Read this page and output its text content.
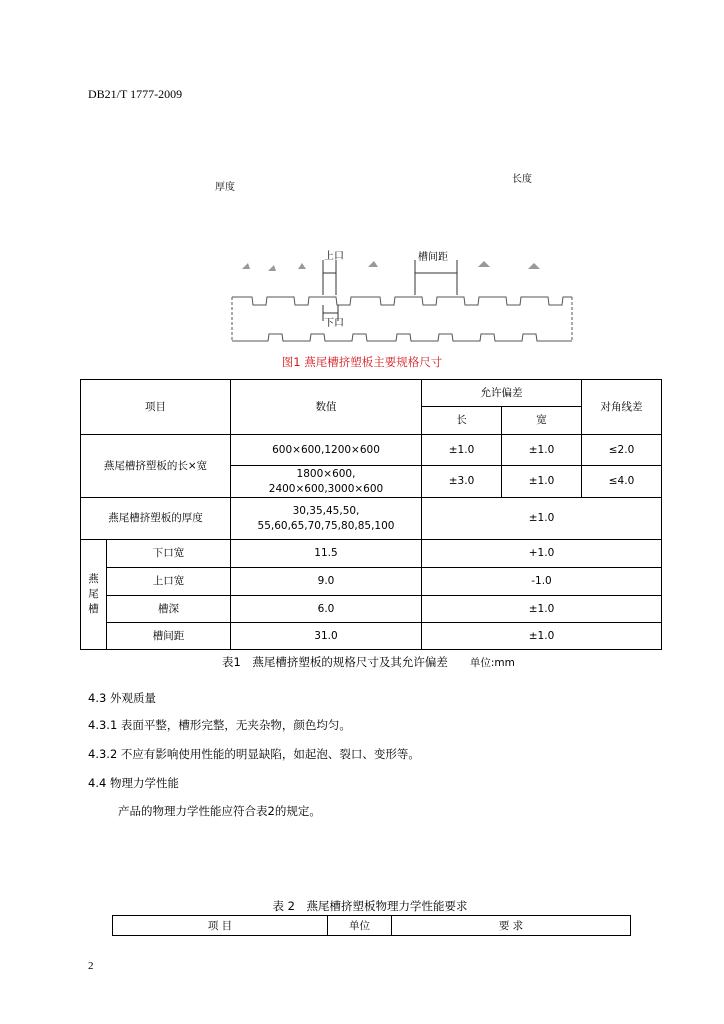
DB21/T 1777-2009
厚度
长度
上口	槽间距
下口
图1 燕尾槽挤塑板主要规格尺寸
项目		数值	允许偏差		对角线差
			长	宽	
燕尾槽挤塑板的长×宽		600×600,1200×600	±1.0	±1.0	≤2.0

		1800×600,
2400×600,3000×600	±3.0	±1.0	≤4.0
燕尾槽挤塑板的厚度		30,35,45,50,
55,60,65,70,75,80,85,100	±1.0		

燕
尾
槽	下口宽	11.5	+1.0		
	上口宽	9.0	-1.0		
	槽深	6.0	±1.0		
	槽间距	31.0	±1.0		
表1　燕尾槽挤塑板的规格尺寸及其允许偏差 单位:mm
4.3 外观质量
4.3.1 表面平整，槽形完整，无夹杂物，颜色均匀。
4.3.2 不应有影响使用性能的明显缺陷，如起泡、裂口、变形等。
4.4 物理力学性能
产品的物理力学性能应符合表2的规定。
表 2　燕尾槽挤塑板物理力学性能要求
项 目	单位	要 求
2
